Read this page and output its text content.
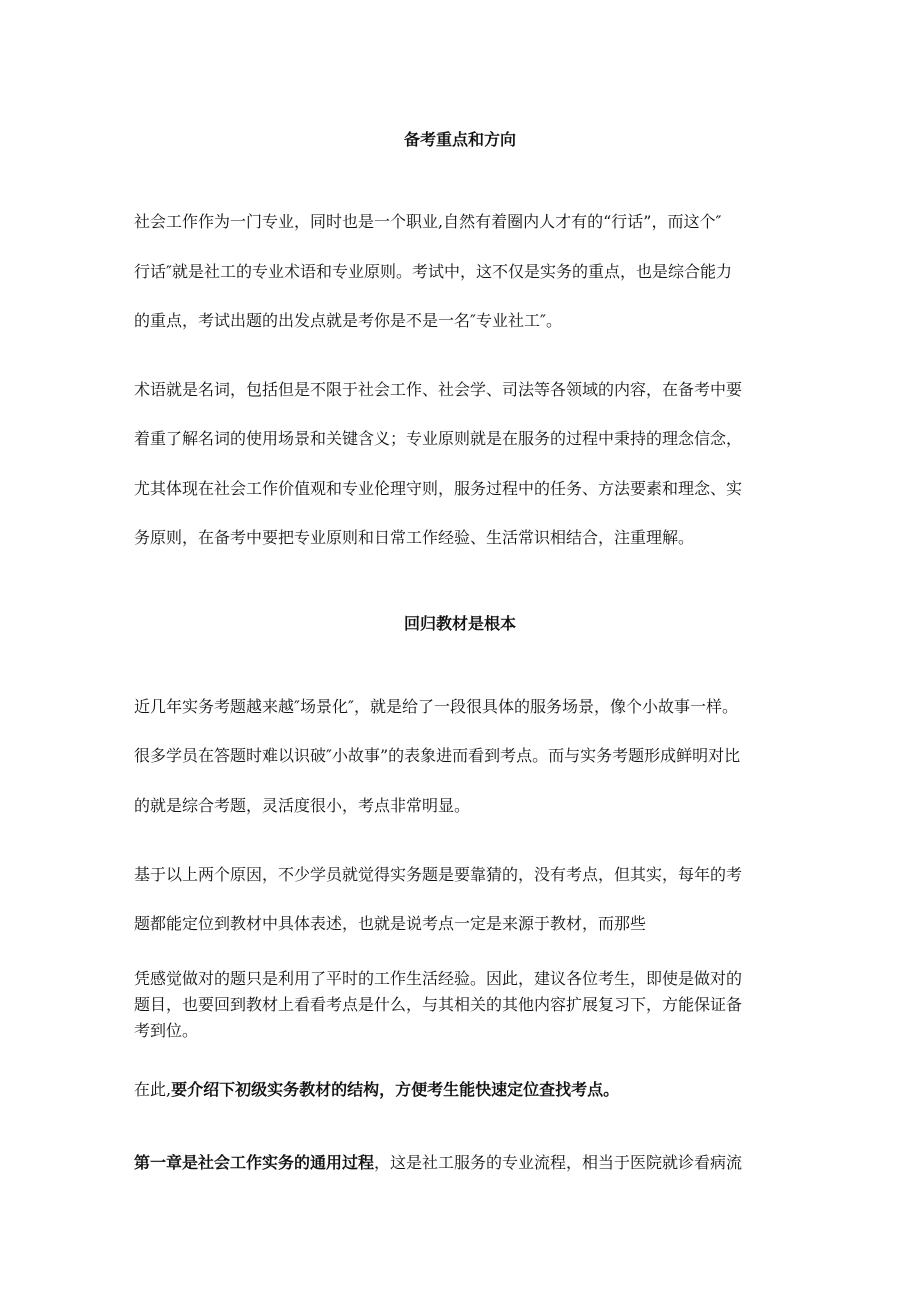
备考重点和方向

社会工作作为一门专业，同时也是一个职业,自然有着圈内人才有的“行话”，而这个″

行话″就是社工的专业术语和专业原则。考试中，这不仅是实务的重点，也是综合能力

的重点，考试出题的出发点就是考你是不是一名″专业社工″。

术语就是名词，包括但是不限于社会工作、社会学、司法等各领域的内容，在备考中要

着重了解名词的使用场景和关键含义；专业原则就是在服务的过程中秉持的理念信念，

尤其体现在社会工作价值观和专业伦理守则，服务过程中的任务、方法要素和理念、实

务原则，在备考中要把专业原则和日常工作经验、生活常识相结合，注重理解。

回归教材是根本

近几年实务考题越来越″场景化″，就是给了一段很具体的服务场景，像个小故事一样。

很多学员在答题时难以识破″小故事”的表象进而看到考点。而与实务考题形成鲜明对比

的就是综合考题，灵活度很小，考点非常明显。

基于以上两个原因，不少学员就觉得实务题是要靠猜的，没有考点，但其实，每年的考

题都能定位到教材中具体表述，也就是说考点一定是来源于教材，而那些

凭感觉做对的题只是利用了平时的工作生活经验。因此，建议各位考生，即使是做对的
题目，也要回到教材上看看考点是什么，与其相关的其他内容扩展复习下，方能保证备
考到位。

在此,要介绍下初级实务教材的结构，方便考生能快速定位查找考点。

第一章是社会工作实务的通用过程，这是社工服务的专业流程，相当于医院就诊看病流
